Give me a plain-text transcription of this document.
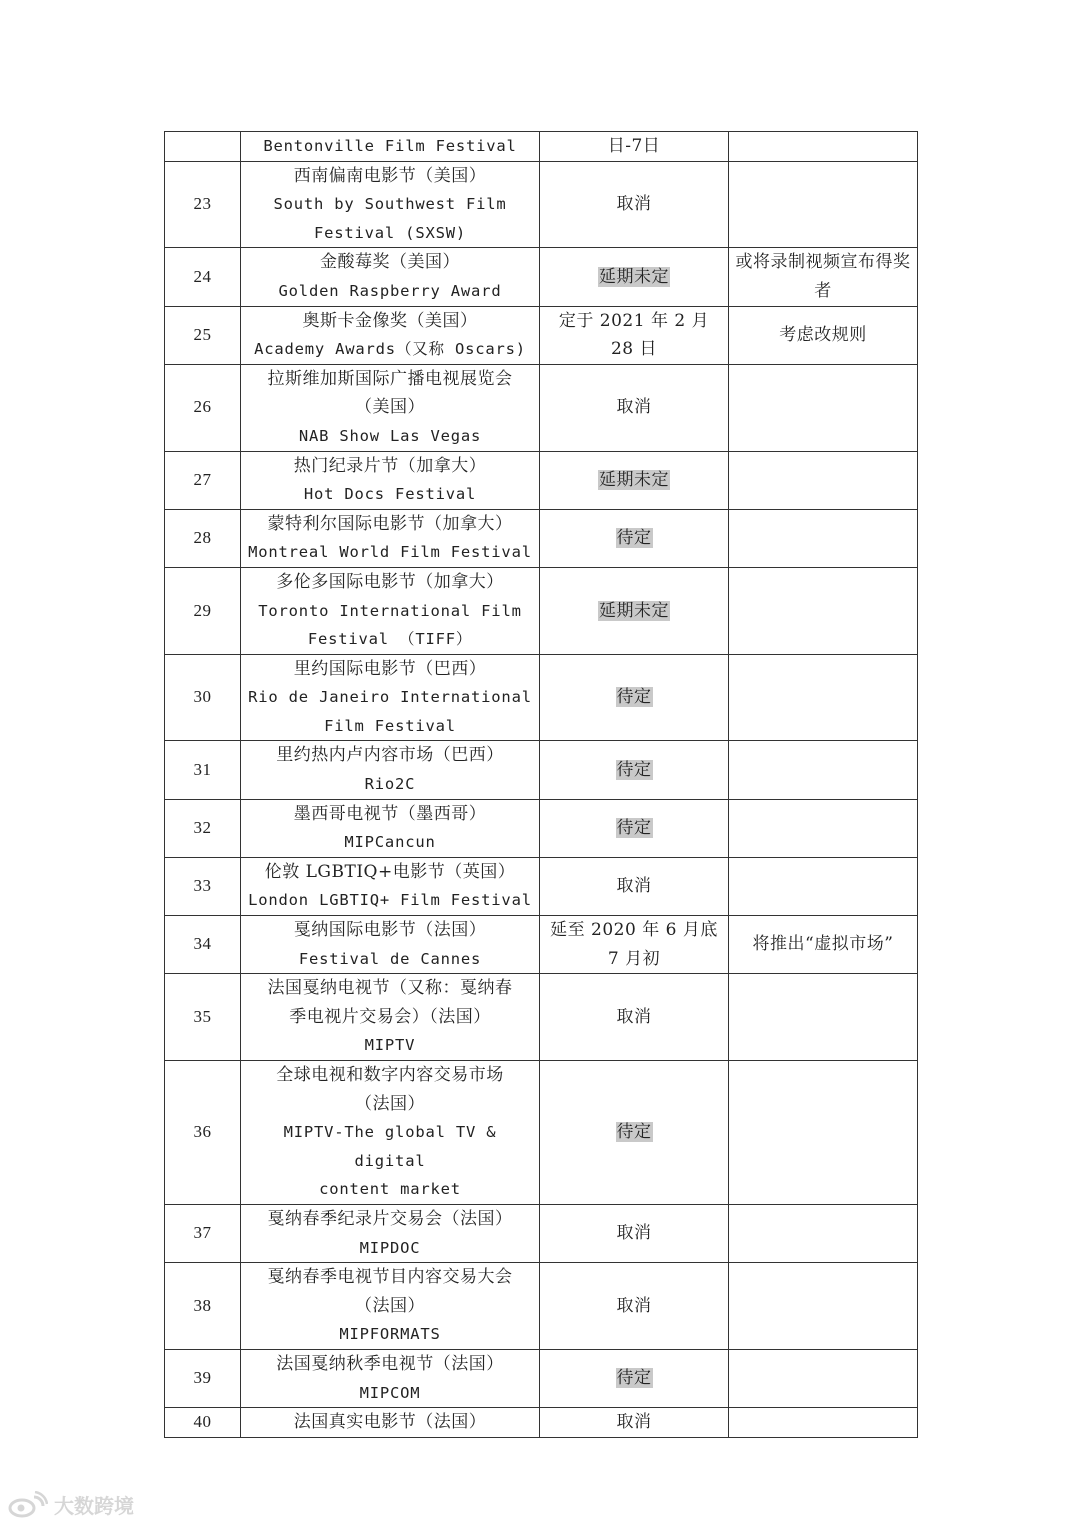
	Bentonville Film Festival	日-7日	
23	西南偏南电影节（美国）
South by Southwest Film
Festival (SXSW)	取消	
24	金酸莓奖（美国）
Golden Raspberry Award	延期未定	或将录制视频宣布得奖者
25	奥斯卡金像奖（美国）
Academy Awards（又称 Oscars)	定于 2021 年 2 月 28 日	考虑改规则
26	拉斯维加斯国际广播电视展览会
（美国）
NAB Show Las Vegas	取消	
27	热门纪录片节（加拿大）
Hot Docs Festival	延期未定	
28	蒙特利尔国际电影节（加拿大）
Montreal World Film Festival	待定	
29	多伦多国际电影节（加拿大）
Toronto International Film
Festival （TIFF）	延期未定	
30	里约国际电影节（巴西）
Rio de Janeiro International
Film Festival	待定	
31	里约热内卢内容市场（巴西）
Rio2C	待定	
32	墨西哥电视节（墨西哥）
MIPCancun	待定	
33	伦敦 LGBTIQ+电影节（英国）
London LGBTIQ+ Film Festival	取消	
34	戛纳国际电影节（法国）
Festival de Cannes	延至 2020 年 6 月底 7 月初	将推出“虚拟市场”
35	法国戛纳电视节（又称：戛纳春
季电视片交易会）（法国）
MIPTV	取消	
36	全球电视和数字内容交易市场
（法国）
MIPTV-The global TV & digital
content market	待定	
37	戛纳春季纪录片交易会（法国）
MIPDOC	取消	
38	戛纳春季电视节目内容交易大会
（法国）
MIPFORMATS	取消	
39	法国戛纳秋季电视节（法国）
MIPCOM	待定	
40	法国真实电影节（法国）	取消	
大数跨境
